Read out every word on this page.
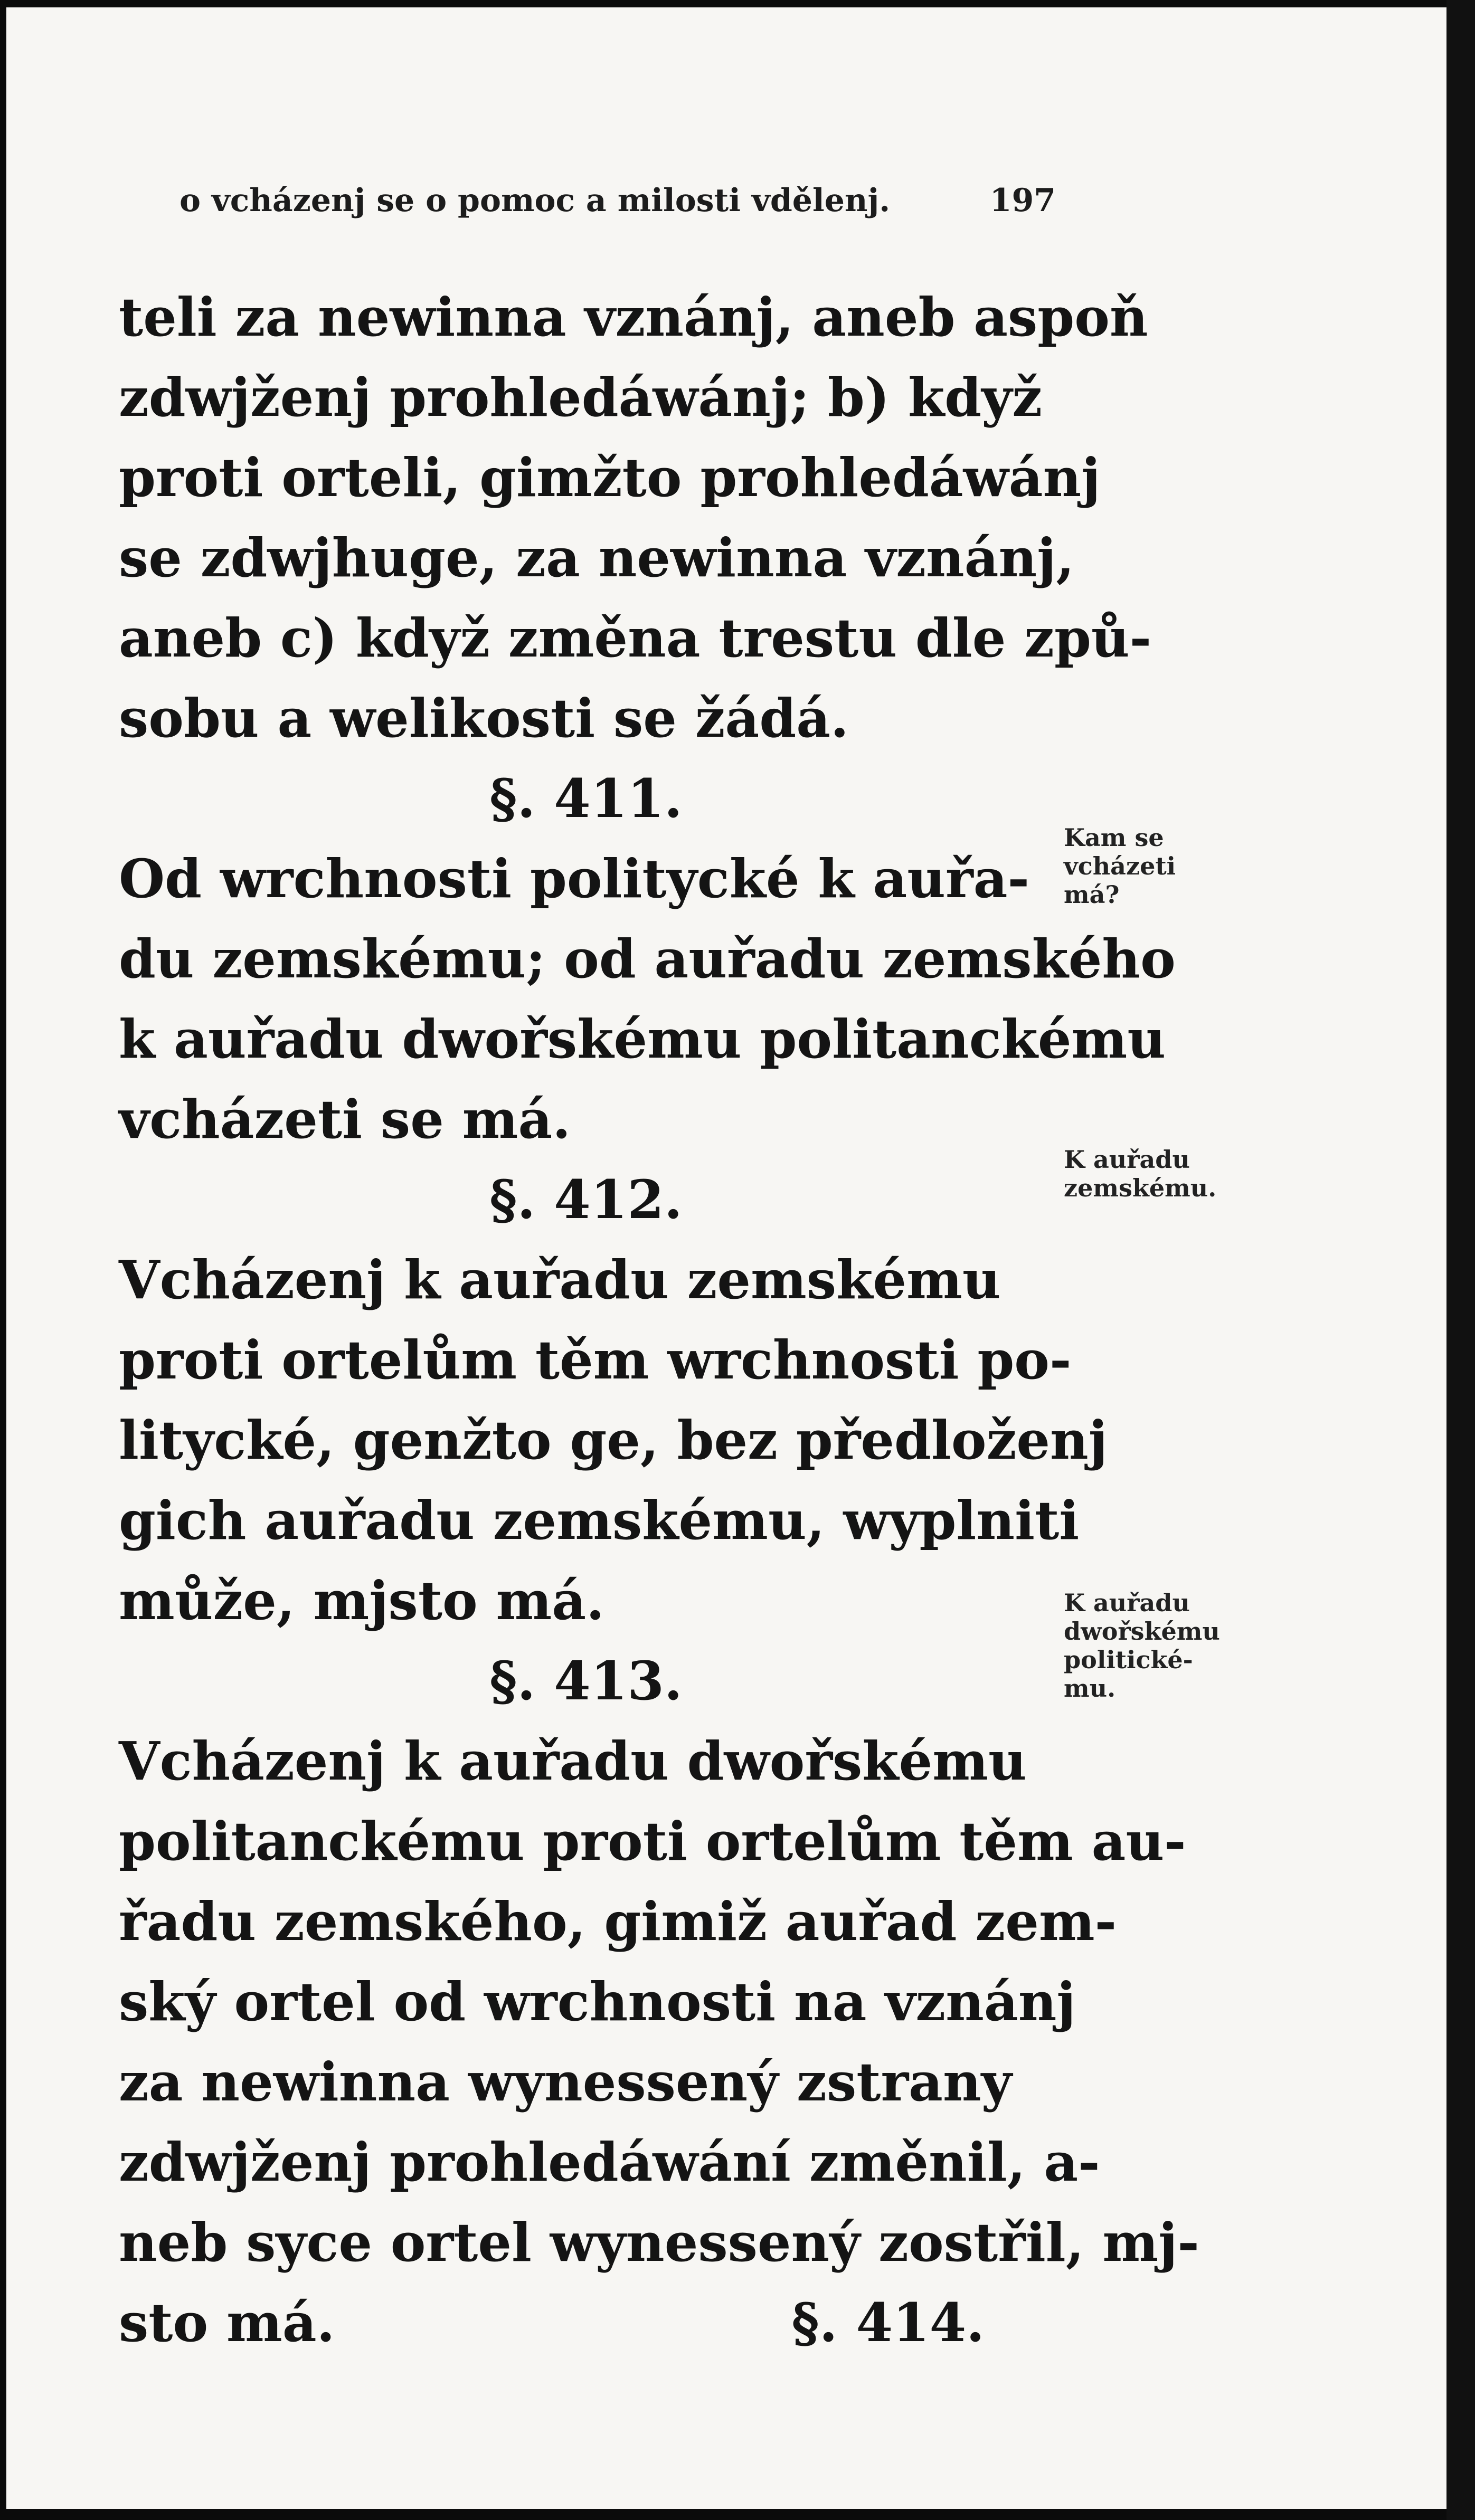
o vcházenj se o pomoc a milosti vdělenj.	197
teli za newinna vznánj, aneb aspoň
zdwjženj prohledáwánj; b) když
proti orteli, gimžto prohledáwánj
se zdwjhuge, za newinna vznánj,
aneb c) když změna trestu dle způ-
sobu a welikosti se žádá.
§. 411.
Od wrchnosti politycké k auřa-
du zemskému; od auřadu zemského
k auřadu dwořskému politanckému
vcházeti se má.
§. 412.
Vcházenj k auřadu zemskému
proti ortelům těm wrchnosti po-
litycké, genžto ge, bez předloženj
gich auřadu zemskému, wyplniti
může, mjsto má.
§. 413.
Vcházenj k auřadu dwořskému
politanckému proti ortelům těm au-
řadu zemského, gimiž auřad zem-
ský ortel od wrchnosti na vznánj
za newinna wynessený zstrany
zdwjženj prohledáwání změnil, a-
neb syce ortel wynessený zostřil, mj-
sto má.	§. 414.
Kam se
vcházeti
má?
K auřadu
zemskému.
K auřadu
dwořskému
politické-
mu.
